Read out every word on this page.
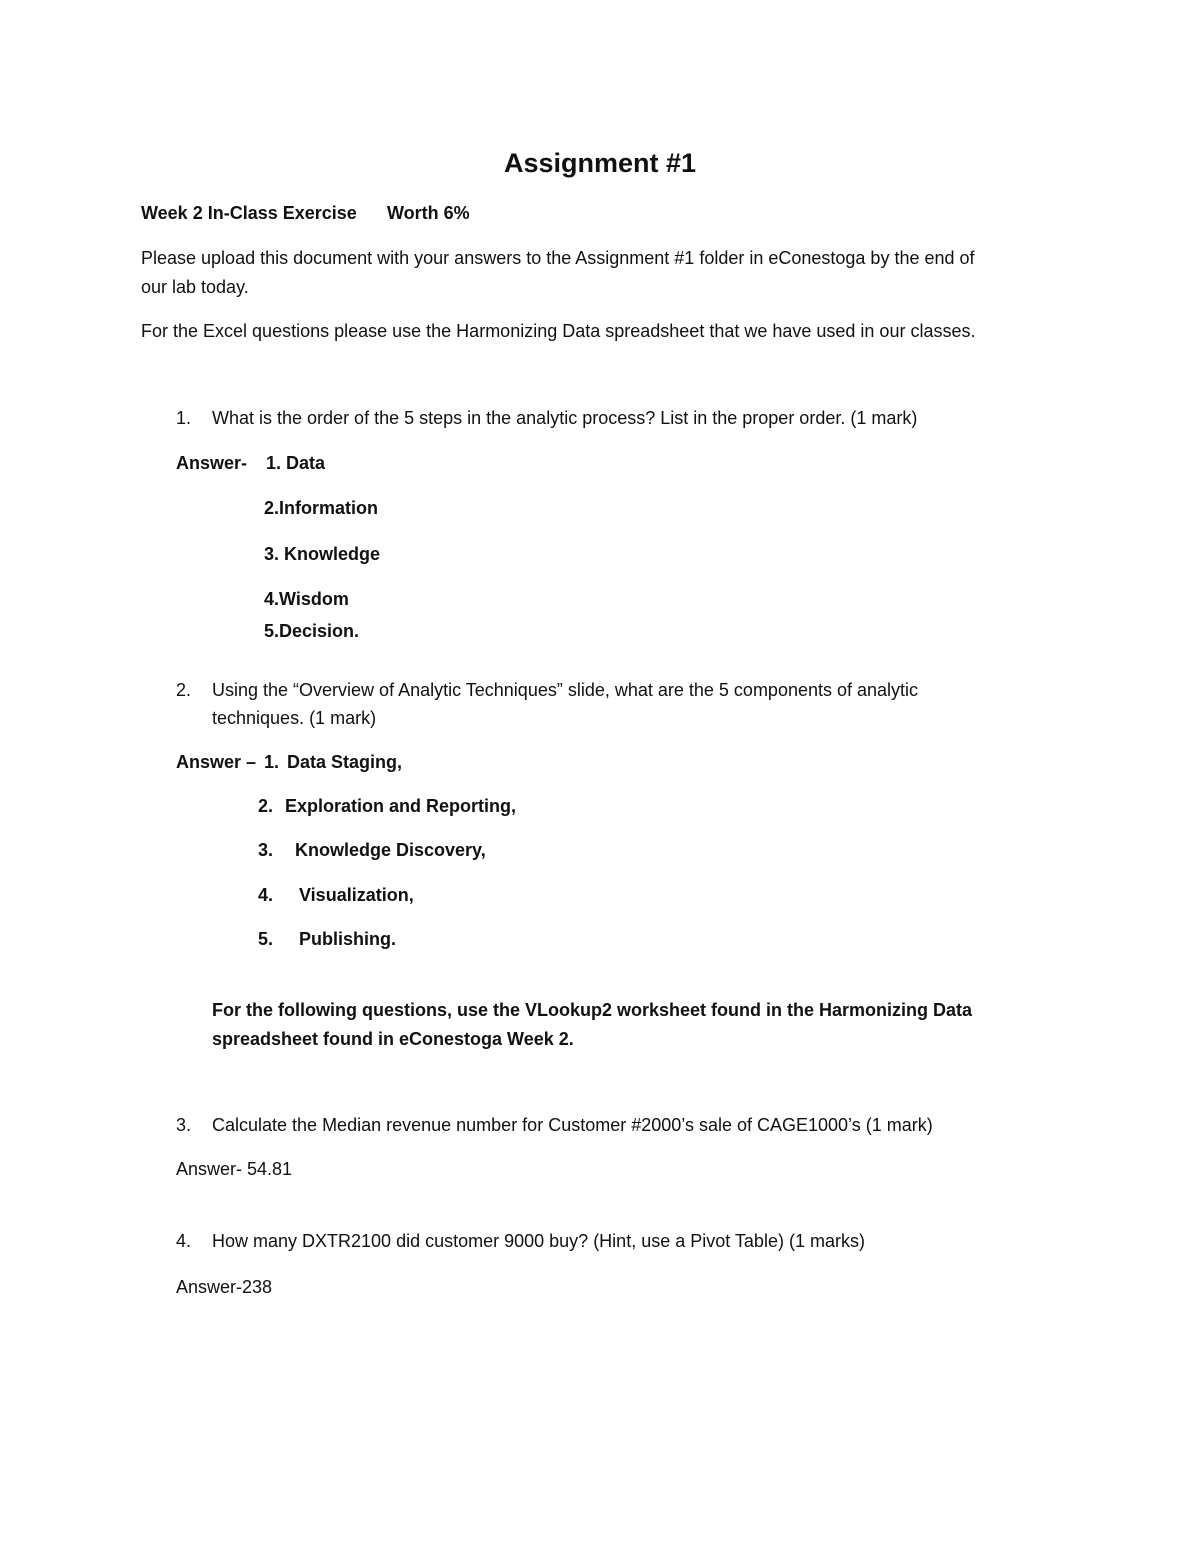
Assignment #1
Week 2 In-Class Exercise Worth 6%
Please upload this document with your answers to the Assignment #1 folder in eConestoga by the end of
our lab today.
For the Excel questions please use the Harmonizing Data spreadsheet that we have used in our classes.
1. What is the order of the 5 steps in the analytic process? List in the proper order. (1 mark)
Answer- 1. Data
2.Information
3. Knowledge
4.Wisdom
5.Decision.
2. Using the “Overview of Analytic Techniques” slide, what are the 5 components of analytic
techniques. (1 mark)
Answer – 1. Data Staging,
2. Exploration and Reporting,
3. Knowledge Discovery,
4. Visualization,
5. Publishing.
For the following questions, use the VLookup2 worksheet found in the Harmonizing Data
spreadsheet found in eConestoga Week 2.
3. Calculate the Median revenue number for Customer #2000’s sale of CAGE1000’s (1 mark)
Answer- 54.81
4. How many DXTR2100 did customer 9000 buy? (Hint, use a Pivot Table) (1 marks)
Answer-238
